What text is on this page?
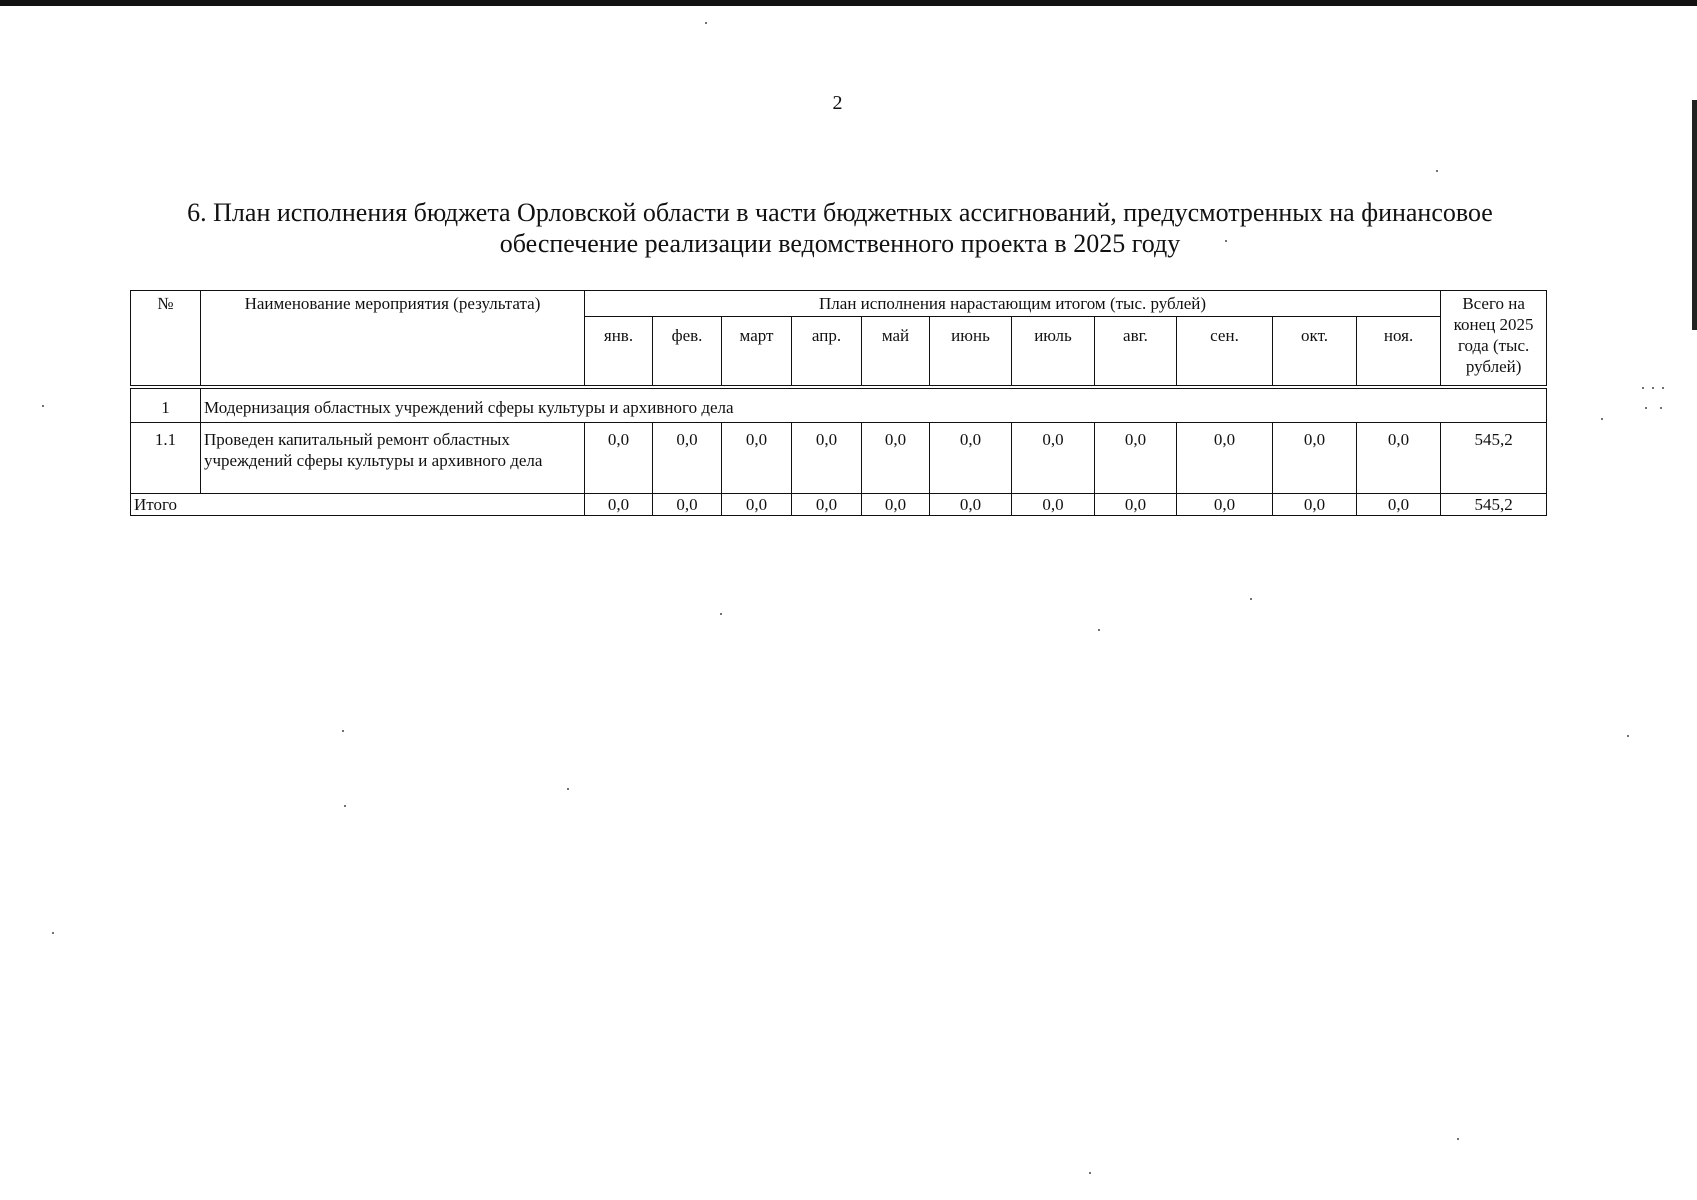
2
6. План исполнения бюджета Орловской области в части бюджетных ассигнований, предусмотренных на финансовое
обеспечение реализации ведомственного проекта в 2025 году
№	Наименование мероприятия (результата)	План исполнения нарастающим итогом (тыс. рублей)											Всего на конец 2025 года (тыс. рублей)
		янв.	фев.	март	апр.	май	июнь	июль	авг.	сен.	окт.	ноя.	

1	Модернизация областных учреждений сферы культуры и архивного дела												
1.1	Проведен капитальный ремонт областных учреждений сферы культуры и архивного дела	0,0	0,0	0,0	0,0	0,0	0,0	0,0	0,0	0,0	0,0	0,0	545,2
Итого		0,0	0,0	0,0	0,0	0,0	0,0	0,0	0,0	0,0	0,0	0,0	545,2
